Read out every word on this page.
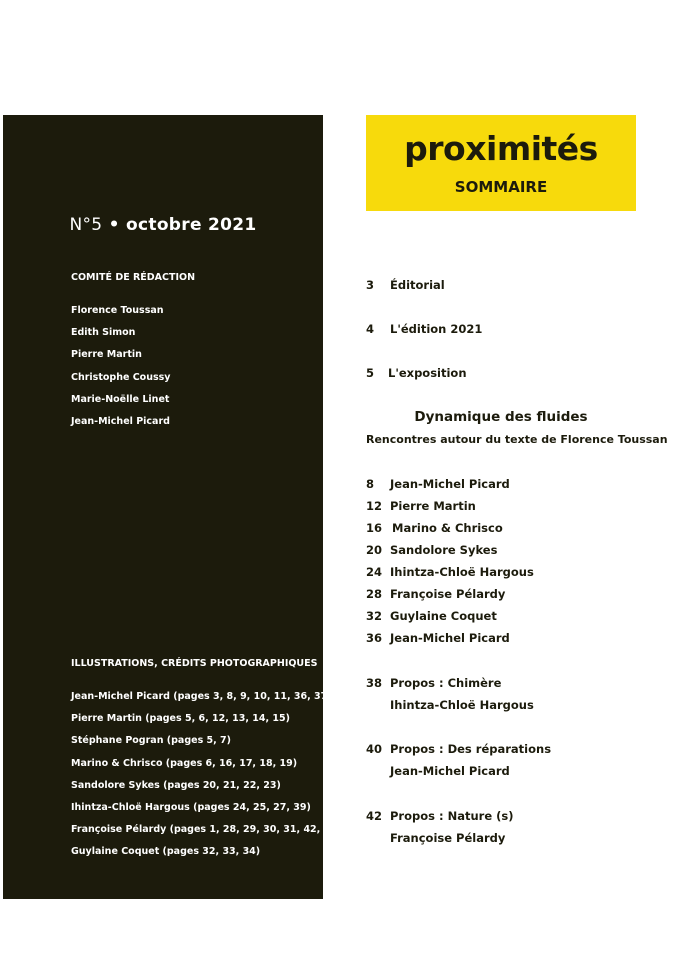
N°5 • octobre 2021
COMITÉ DE RÉDACTION
Florence Toussan
Edith Simon
Pierre Martin
Christophe Coussy
Marie-Noëlle Linet
Jean-Michel Picard
ILLUSTRATIONS, CRÉDITS PHOTOGRAPHIQUES
Jean-Michel Picard (pages 3, 8, 9, 10, 11, 36, 37, 40)
Pierre Martin (pages 5, 6, 12, 13, 14, 15)
Stéphane Pogran (pages 5, 7)
Marino & Chrisco (pages 6, 16, 17, 18, 19)
Sandolore Sykes (pages 20, 21, 22, 23)
Ihintza-Chloë Hargous (pages 24, 25, 27, 39)
Françoise Pélardy (pages 1, 28, 29, 30, 31, 42, 44)
Guylaine Coquet (pages 32, 33, 34)
proximités
SOMMAIRE
3 Éditorial
4 L'édition 2021
5 L'exposition
Dynamique des fluides
Rencontres autour du texte de Florence Toussan
8 Jean-Michel Picard
12 Pierre Martin
16 Marino & Chrisco
20 Sandolore Sykes
24 Ihintza-Chloë Hargous
28 Françoise Pélardy
32 Guylaine Coquet
36 Jean-Michel Picard
38 Propos : Chimère
Ihintza-Chloë Hargous
40 Propos : Des réparations
Jean-Michel Picard
42 Propos : Nature (s)
Françoise Pélardy
